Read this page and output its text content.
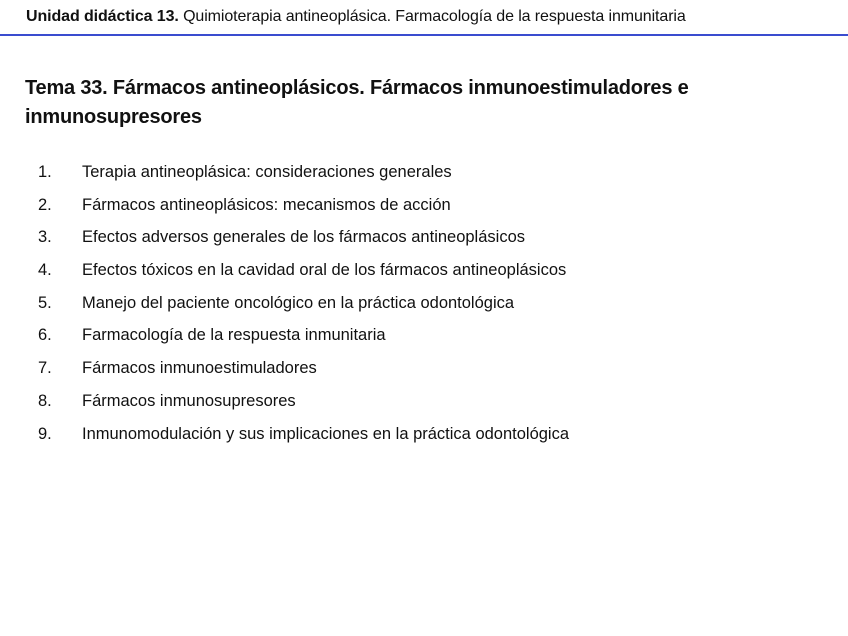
Unidad didáctica 13. Quimioterapia antineoplásica. Farmacología de la respuesta inmunitaria
Tema 33. Fármacos antineoplásicos. Fármacos inmunoestimuladores e inmunosupresores
1.	Terapia antineoplásica: consideraciones generales
2.	Fármacos antineoplásicos: mecanismos de acción
3.	Efectos adversos generales de los fármacos antineoplásicos
4.	Efectos tóxicos en la cavidad oral de los fármacos antineoplásicos
5.	Manejo del paciente oncológico en la práctica odontológica
6.	Farmacología de la respuesta inmunitaria
7.	Fármacos inmunoestimuladores
8.	Fármacos inmunosupresores
9.	Inmunomodulación y sus implicaciones en la práctica odontológica
